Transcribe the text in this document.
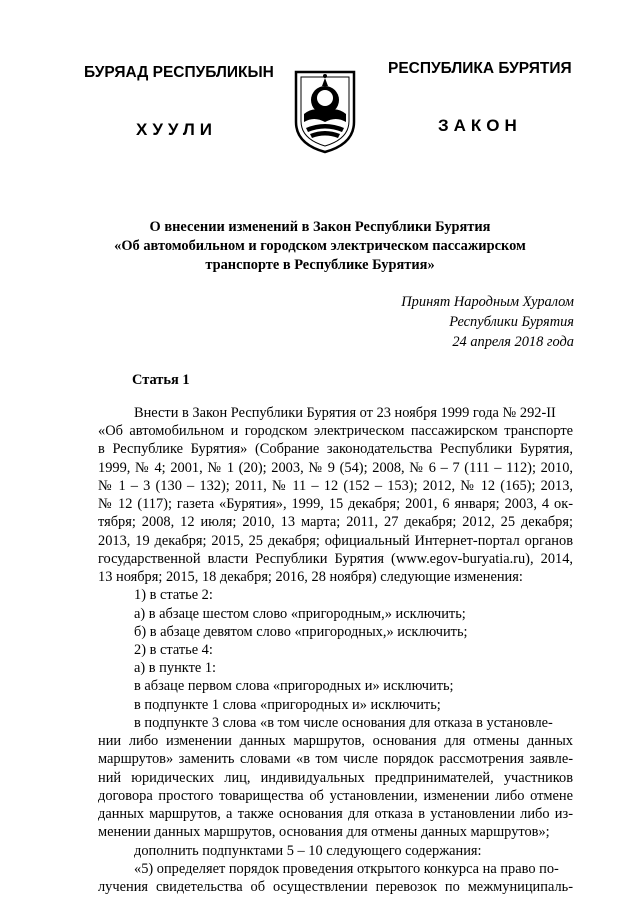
БУРЯАД РЕСПУБЛИКЫН	РЕСПУБЛИКА БУРЯТИЯ
ХУУЛИ	ЗАКОН
О внесении изменений в Закон Республики Бурятия
«Об автомобильном и городском электрическом пассажирском
транспорте в Республике Бурятия»
Принят Народным Хуралом
Республики Бурятия
24 апреля 2018 года
Статья 1
Внести в Закон Республики Бурятия от 23 ноября 1999 года № 292-II
«Об автомобильном и городском электрическом пассажирском транспорте
в Республике Бурятия» (Собрание законодательства Республики Бурятия,
1999, № 4; 2001, № 1 (20); 2003, № 9 (54); 2008, № 6 – 7 (111 – 112); 2010,
№ 1 – 3 (130 – 132); 2011, № 11 – 12 (152 – 153); 2012, № 12 (165); 2013,
№ 12 (117); газета «Бурятия», 1999, 15 декабря; 2001, 6 января; 2003, 4 ок-
тября; 2008, 12 июля; 2010, 13 марта; 2011, 27 декабря; 2012, 25 декабря;
2013, 19 декабря; 2015, 25 декабря; официальный Интернет-портал органов
государственной власти Республики Бурятия (www.egov-buryatia.ru), 2014,
13 ноября; 2015, 18 декабря; 2016, 28 ноября) следующие изменения:
1) в статье 2:
а) в абзаце шестом слово «пригородным,» исключить;
б) в абзаце девятом слово «пригородных,» исключить;
2) в статье 4:
а) в пункте 1:
в абзаце первом слова «пригородных и» исключить;
в подпункте 1 слова «пригородных и» исключить;
в подпункте 3 слова «в том числе основания для отказа в установле-
нии либо изменении данных маршрутов, основания для отмены данных
маршрутов» заменить словами «в том числе порядок рассмотрения заявле-
ний юридических лиц, индивидуальных предпринимателей, участников
договора простого товарищества об установлении, изменении либо отмене
данных маршрутов, а также основания для отказа в установлении либо из-
менении данных маршрутов, основания для отмены данных маршрутов»;
дополнить подпунктами 5 – 10 следующего содержания:
«5) определяет порядок проведения открытого конкурса на право по-
лучения свидетельства об осуществлении перевозок по межмуниципаль-
